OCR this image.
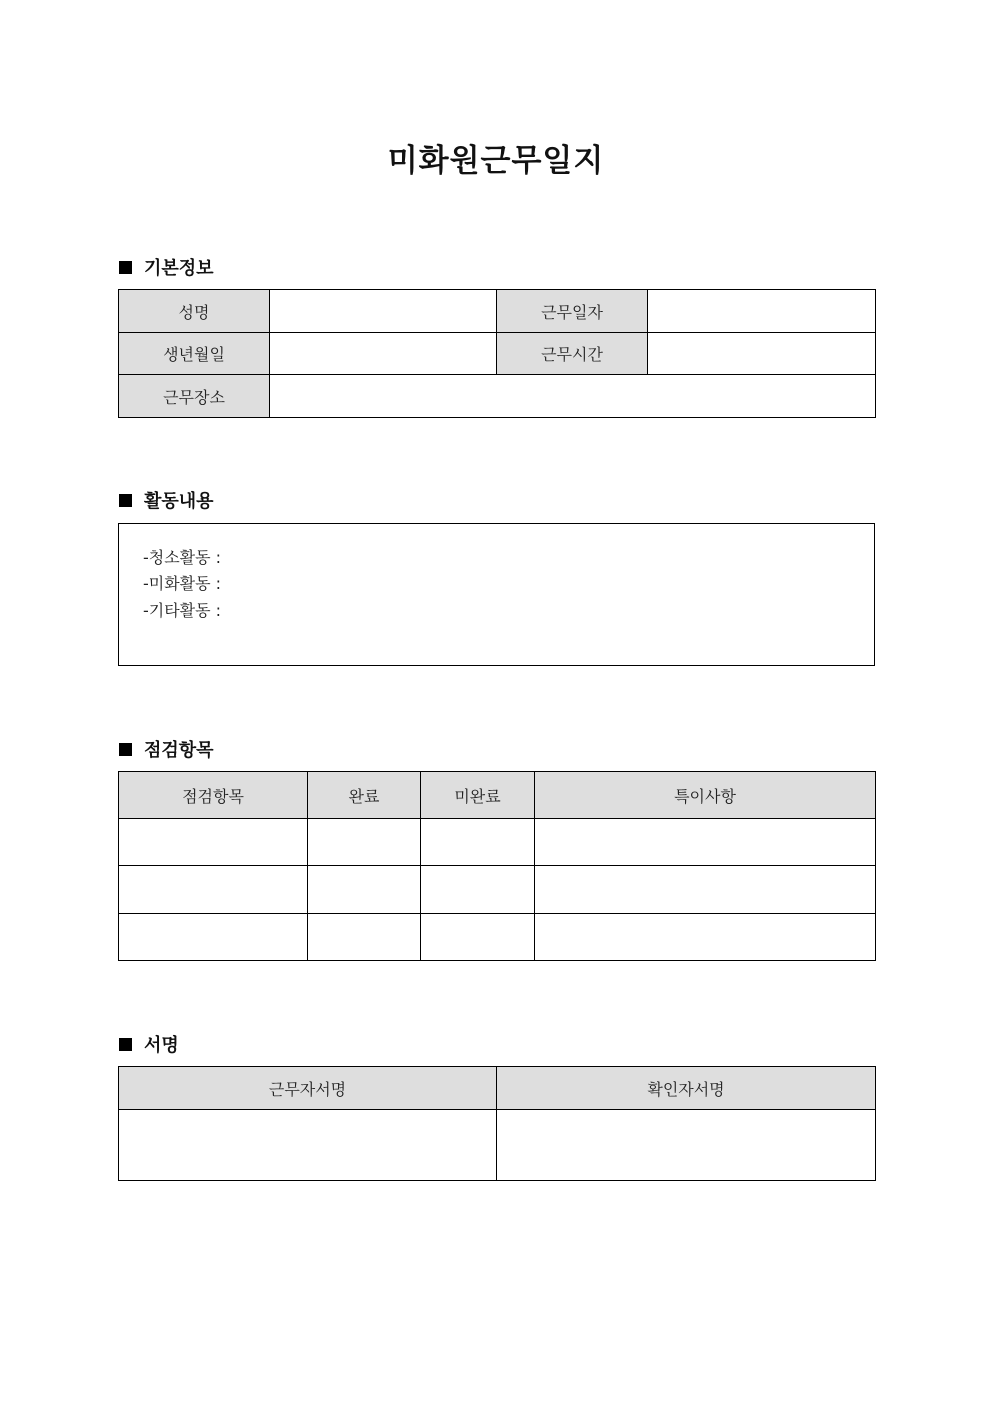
미화원근무일지
기본정보
성명		근무일자	
생년월일		근무시간	
근무장소			
활동내용
-청소활동 :
-미화활동 :
-기타활동 :
점검항목
점검항목	완료	미완료	특이사항

서명
근무자서명	확인자서명
